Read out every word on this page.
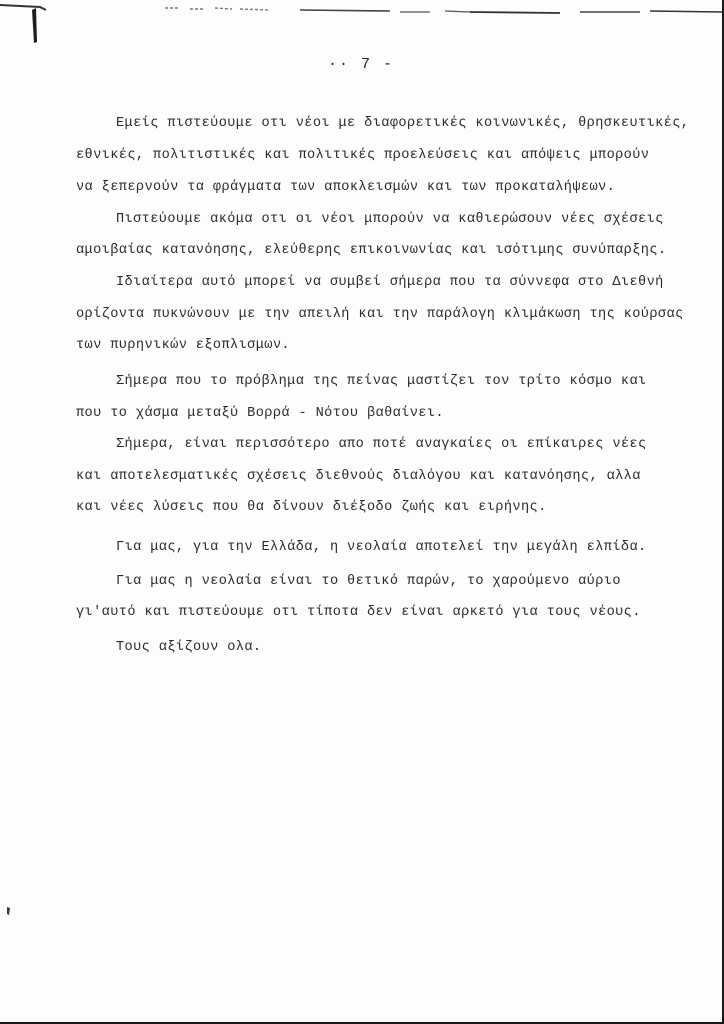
·· 7 -
Εμείς πιστεύουμε οτι νέοι με διαφορετικές κοινωνικές, θρησκευτικές,
εθνικές, πολιτιστικές και πολιτικές προελεύσεις και απόψεις μπορούν
να ξεπερνούν τα φράγματα των αποκλεισμών και των προκαταλήψεων.
Πιστεύουμε ακόμα οτι οι νέοι μπορούν να καθιερώσουν νέες σχέσεις
αμοιβαίας κατανόησης, ελεύθερης επικοινωνίας και ισότιμης συνύπαρξης.
Ιδιαίτερα αυτό μπορεί να συμβεί σήμερα που τα σύννεφα στο Διεθνή
ορίζοντα πυκνώνουν με την απειλή και την παράλογη κλιμάκωση της κούρσας
των πυρηνικών εξοπλισμων.
Σήμερα που το πρόβλημα της πείνας μαστίζει τον τρίτο κόσμο και
που το χάσμα μεταξύ Βορρά - Νότου βαθαίνει.
Σήμερα, είναι περισσότερο απο ποτέ αναγκαίες οι επίκαιρες νέες
και αποτελεσματικές σχέσεις διεθνούς διαλόγου και κατανόησης, αλλα
και νέες λύσεις που θα δίνουν διέξοδο ζωής και ειρήνης.
Για μας, για την Ελλάδα, η νεολαία αποτελεί την μεγάλη ελπίδα.
Για μας η νεολαία είναι το θετικό παρών, το χαρούμενο αύριο
γι'αυτό και πιστεύουμε οτι τίποτα δεν είναι αρκετό για τους νέους.
Τους αξίζουν ολα.
